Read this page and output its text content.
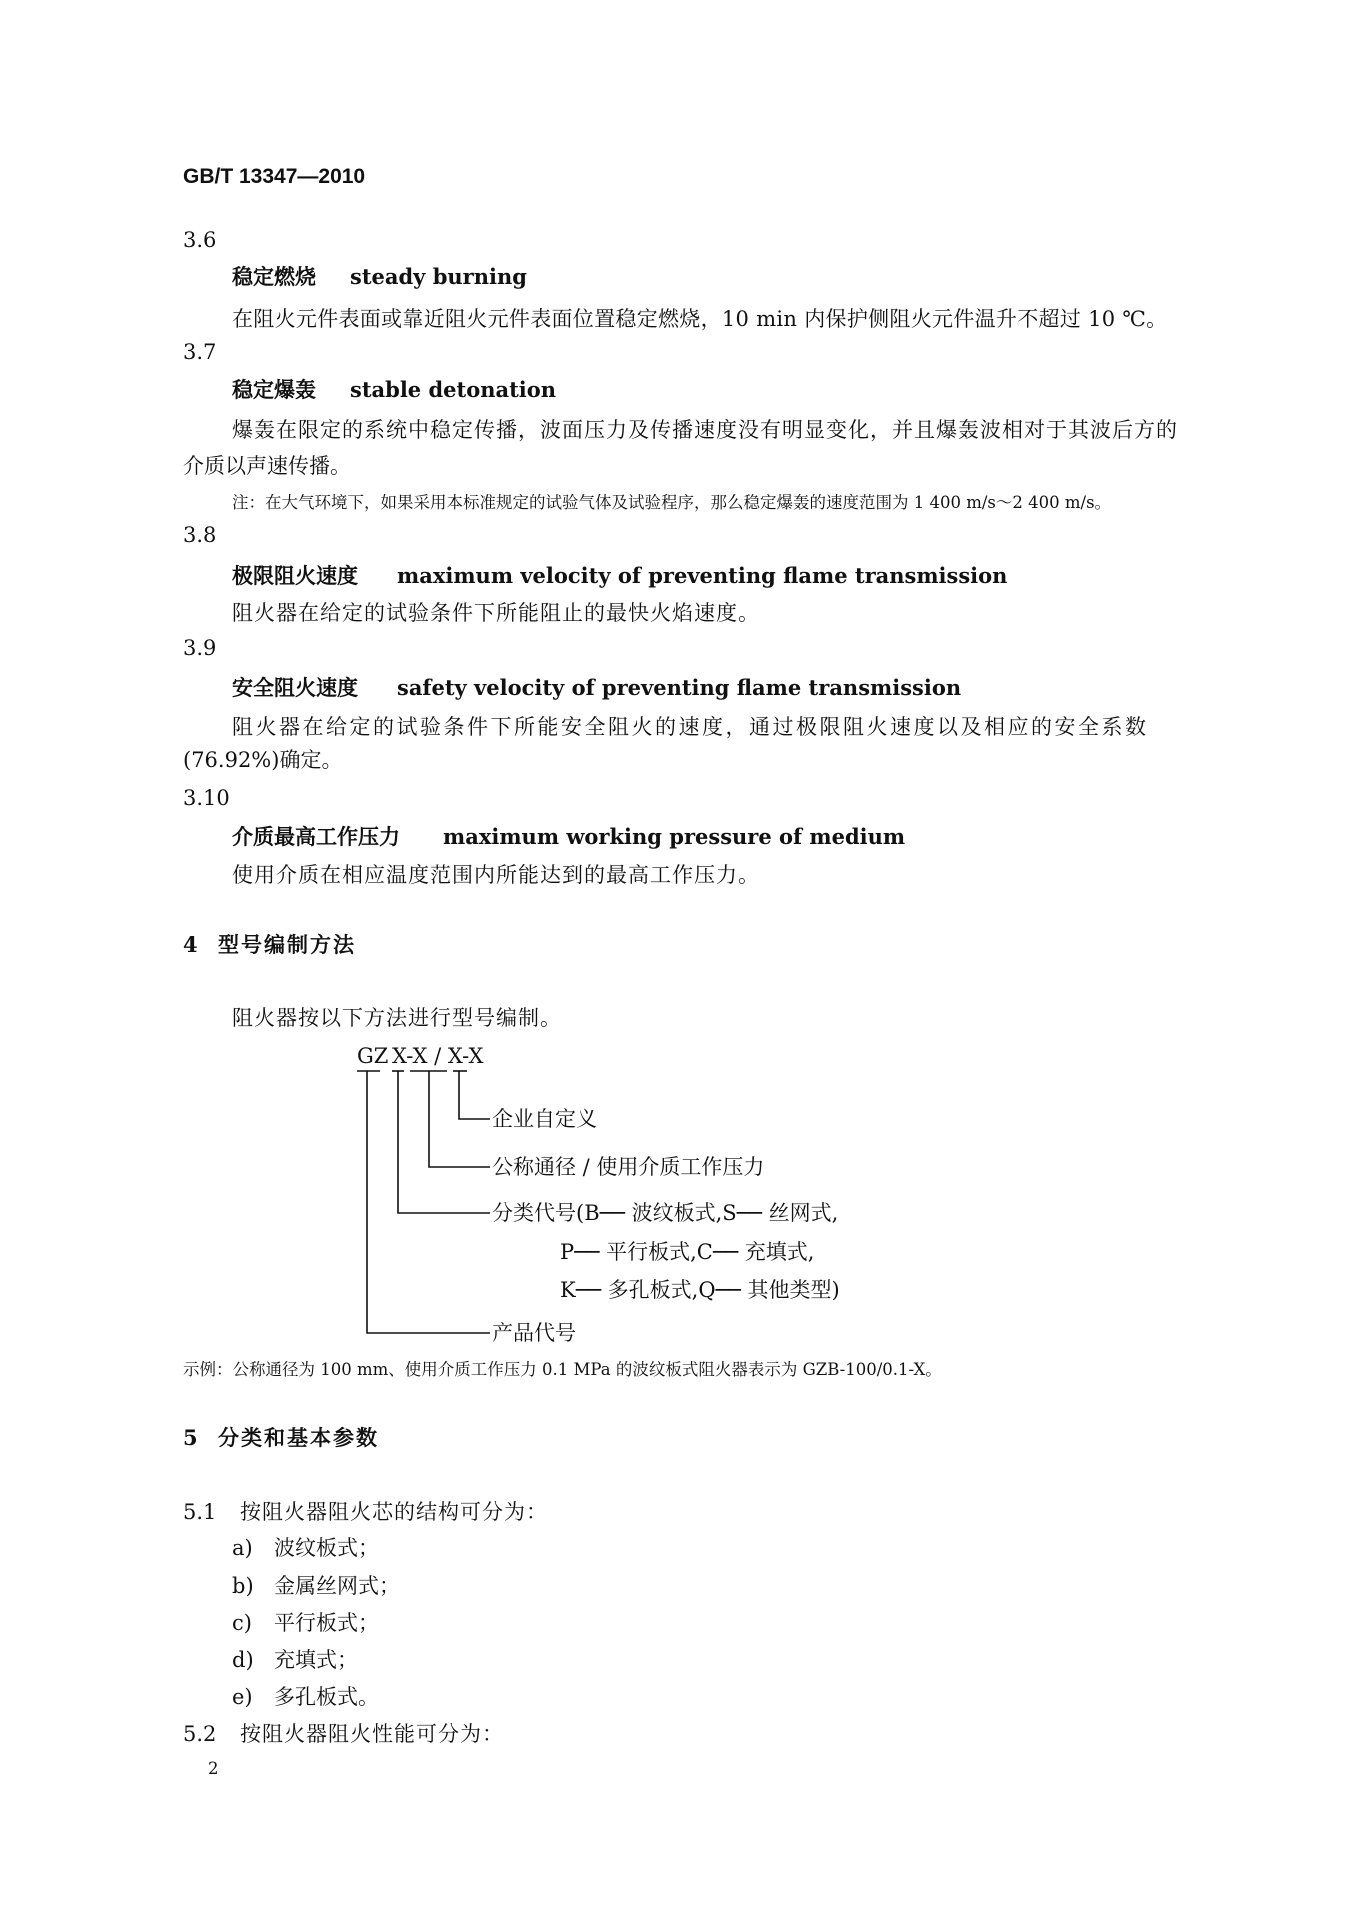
GB/T 13347—2010
3.6
稳定燃烧 steady burning
在阻火元件表面或靠近阻火元件表面位置稳定燃烧，10 min 内保护侧阻火元件温升不超过 10 ℃。
3.7
稳定爆轰 stable detonation
爆轰在限定的系统中稳定传播，波面压力及传播速度没有明显变化，并且爆轰波相对于其波后方的
介质以声速传播。
注：在大气环境下，如果采用本标准规定的试验气体及试验程序，那么稳定爆轰的速度范围为 1 400 m/s～2 400 m/s。
3.8
极限阻火速度 maximum velocity of preventing flame transmission
阻火器在给定的试验条件下所能阻止的最快火焰速度。
3.9
安全阻火速度 safety velocity of preventing flame transmission
阻火器在给定的试验条件下所能安全阻火的速度，通过极限阻火速度以及相应的安全系数
(76.92%)确定。
3.10
介质最高工作压力 maximum working pressure of medium
使用介质在相应温度范围内所能达到的最高工作压力。
4 型号编制方法
阻火器按以下方法进行型号编制。
GZ X-X / X-X
企业自定义
公称通径 / 使用介质工作压力
分类代号(B── 波纹板式,S── 丝网式,
P── 平行板式,C── 充填式,
K── 多孔板式,Q── 其他类型)
产品代号
示例：公称通径为 100 mm、使用介质工作压力 0.1 MPa 的波纹板式阻火器表示为 GZB-100/0.1-X。
5 分类和基本参数
5.1 按阻火器阻火芯的结构可分为：
a) 波纹板式；
b) 金属丝网式；
c) 平行板式；
d) 充填式；
e) 多孔板式。
5.2 按阻火器阻火性能可分为：
2
